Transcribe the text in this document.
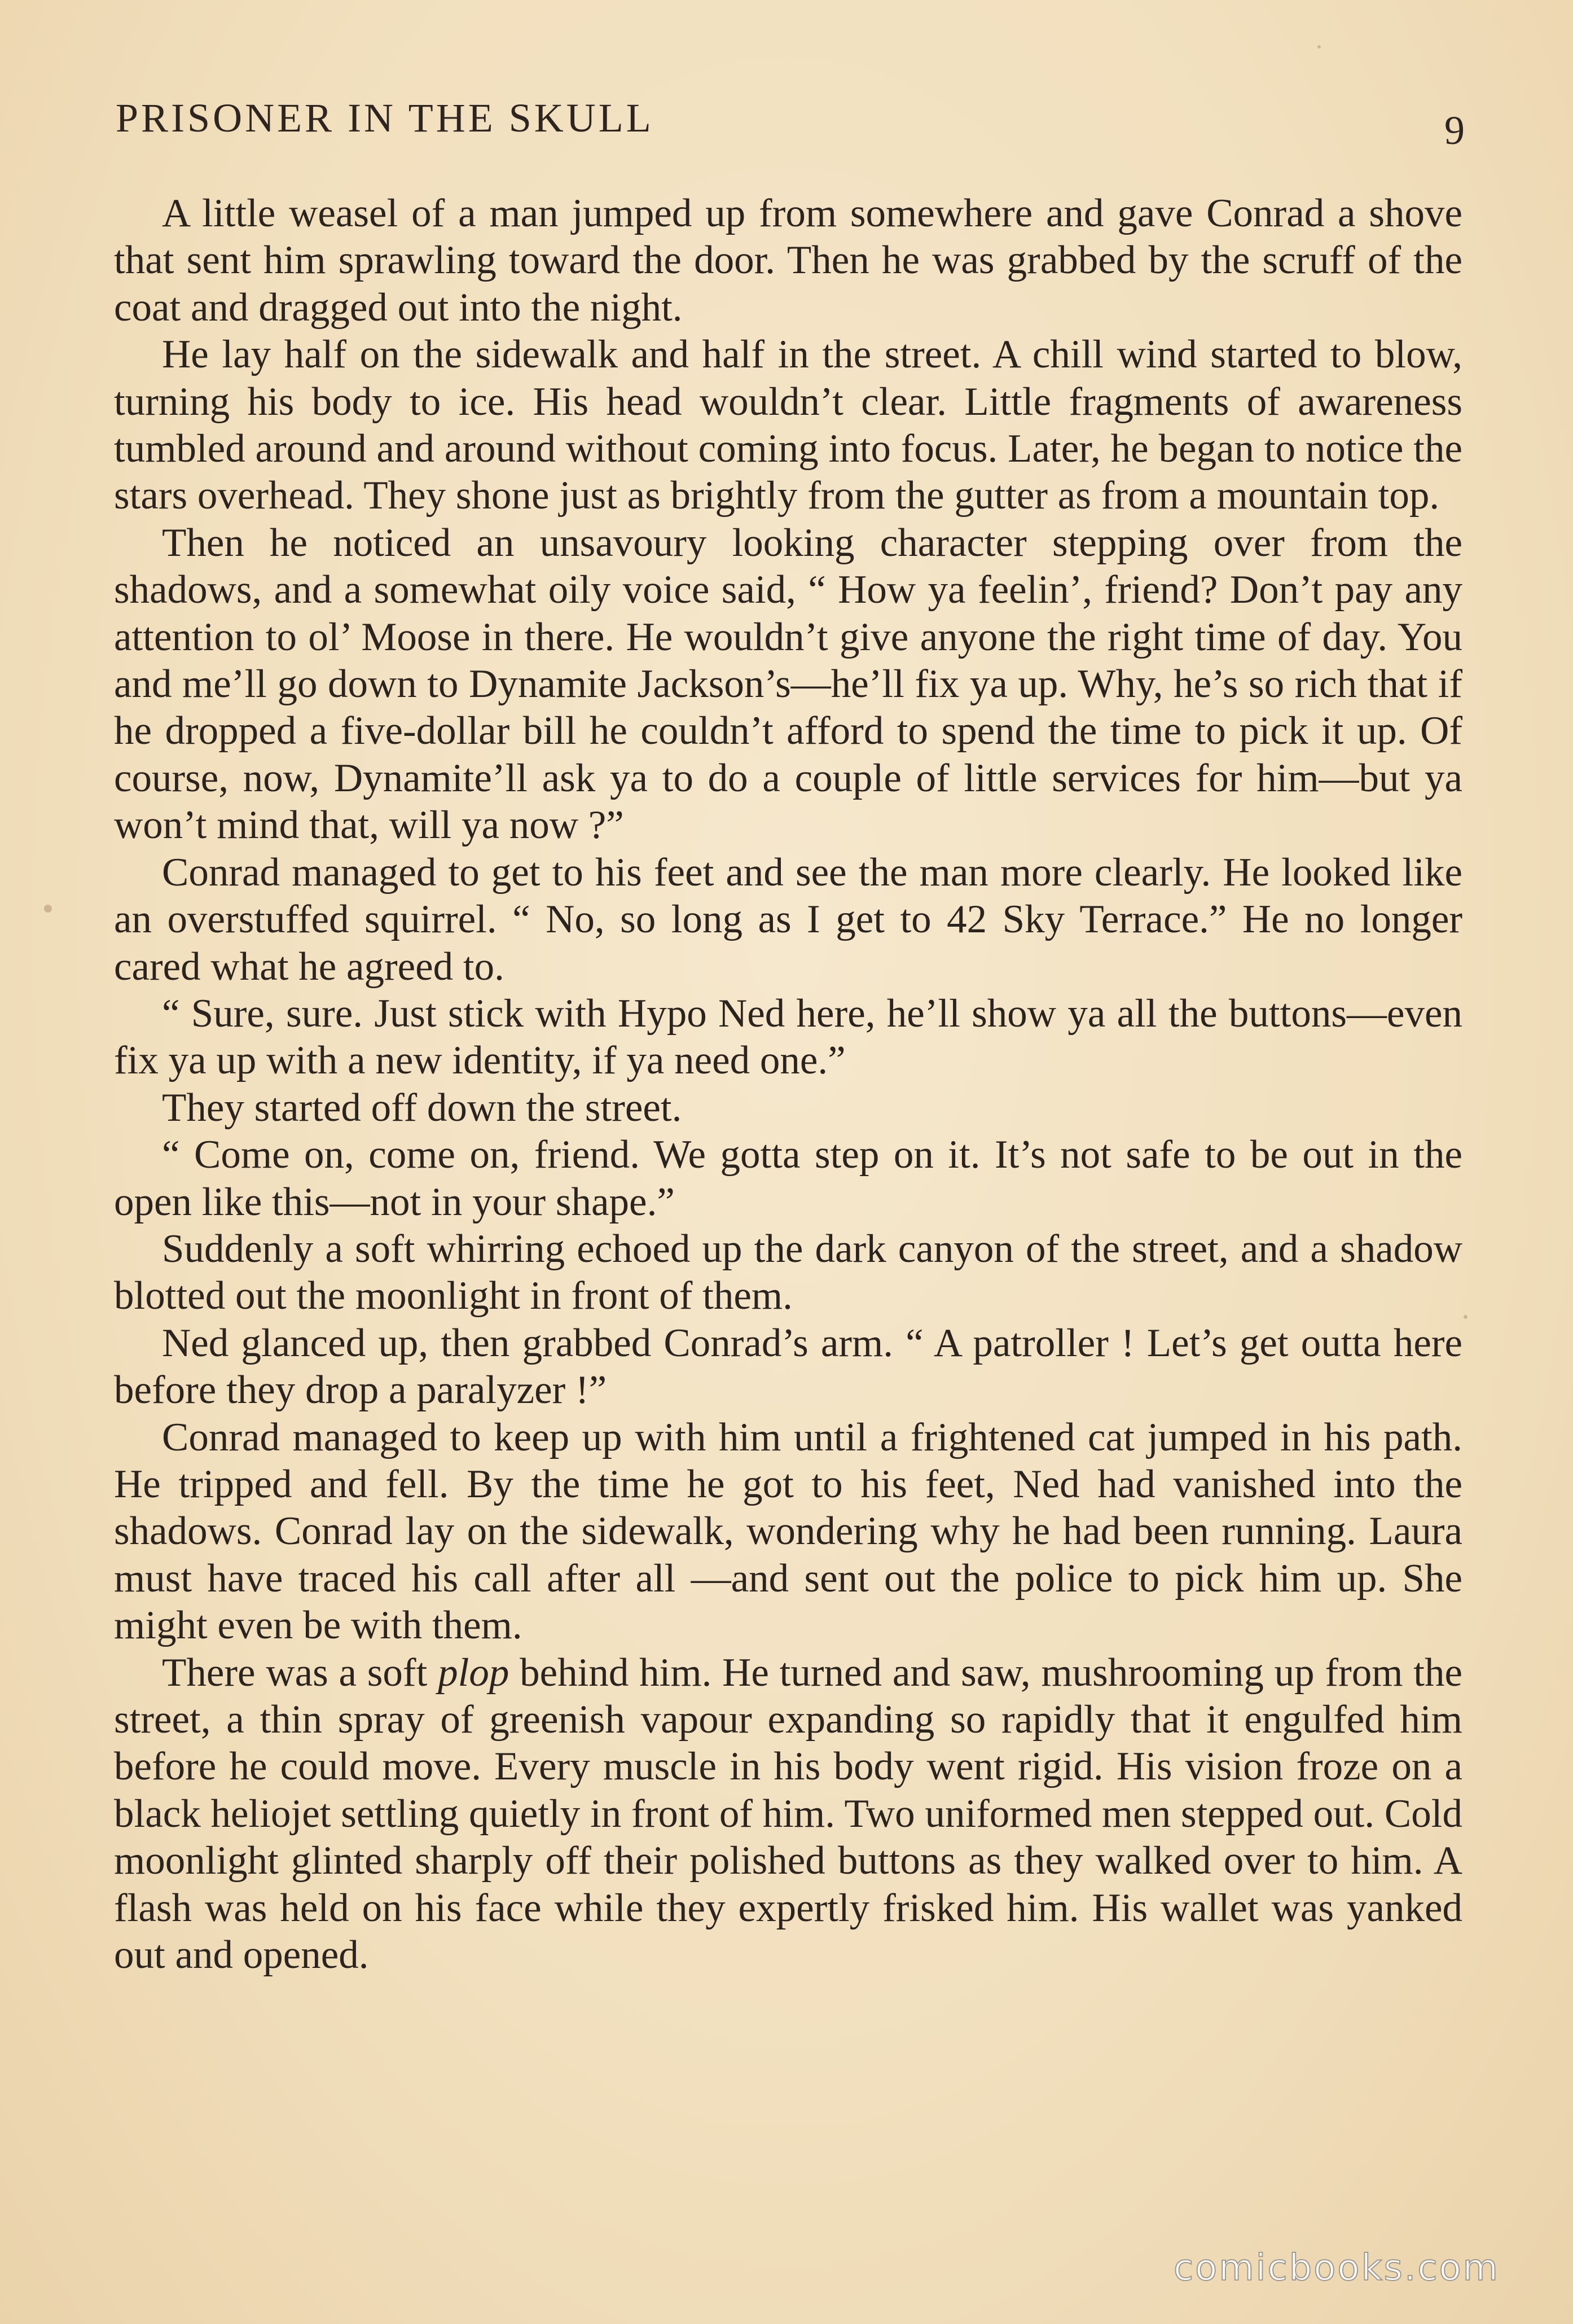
PRISONER IN THE SKULL	9

A little weasel of a man jumped up from somewhere and gave Conrad a shove that sent him sprawling toward the door. Then he was grabbed by the scruff of the coat and dragged out into the night.

He lay half on the sidewalk and half in the street. A chill wind started to blow, turning his body to ice. His head wouldn’t clear. Little fragments of awareness tumbled around and around without coming into focus. Later, he began to notice the stars overhead. They shone just as brightly from the gutter as from a mountain top.

Then he noticed an unsavoury looking character stepping over from the shadows, and a somewhat oily voice said, “ How ya feelin’, friend? Don’t pay any attention to ol’ Moose in there. He wouldn’t give anyone the right time of day. You and me’ll go down to Dynamite Jackson’s—he’ll fix ya up. Why, he’s so rich that if he dropped a five-dollar bill he couldn’t afford to spend the time to pick it up. Of course, now, Dynamite’ll ask ya to do a couple of little services for him—but ya won’t mind that, will ya now ?”

Conrad managed to get to his feet and see the man more clearly. He looked like an overstuffed squirrel. “ No, so long as I get to 42 Sky Terrace.” He no longer cared what he agreed to.

“ Sure, sure. Just stick with Hypo Ned here, he’ll show ya all the buttons—even fix ya up with a new identity, if ya need one.”

They started off down the street.

“ Come on, come on, friend. We gotta step on it. It’s not safe to be out in the open like this—not in your shape.”

Suddenly a soft whirring echoed up the dark canyon of the street, and a shadow blotted out the moonlight in front of them.

Ned glanced up, then grabbed Conrad’s arm. “ A patroller ! Let’s get outta here before they drop a paralyzer !”

Conrad managed to keep up with him until a frightened cat jumped in his path. He tripped and fell. By the time he got to his feet, Ned had vanished into the shadows. Conrad lay on the sidewalk, wondering why he had been running. Laura must have traced his call after all —and sent out the police to pick him up. She might even be with them.

There was a soft plop behind him. He turned and saw, mushrooming up from the street, a thin spray of greenish vapour expanding so rapidly that it engulfed him before he could move. Every muscle in his body went rigid. His vision froze on a black heliojet settling quietly in front of him. Two uniformed men stepped out. Cold moonlight glinted sharply off their polished buttons as they walked over to him. A flash was held on his face while they expertly frisked him. His wallet was yanked out and opened.

comicbooks.com
